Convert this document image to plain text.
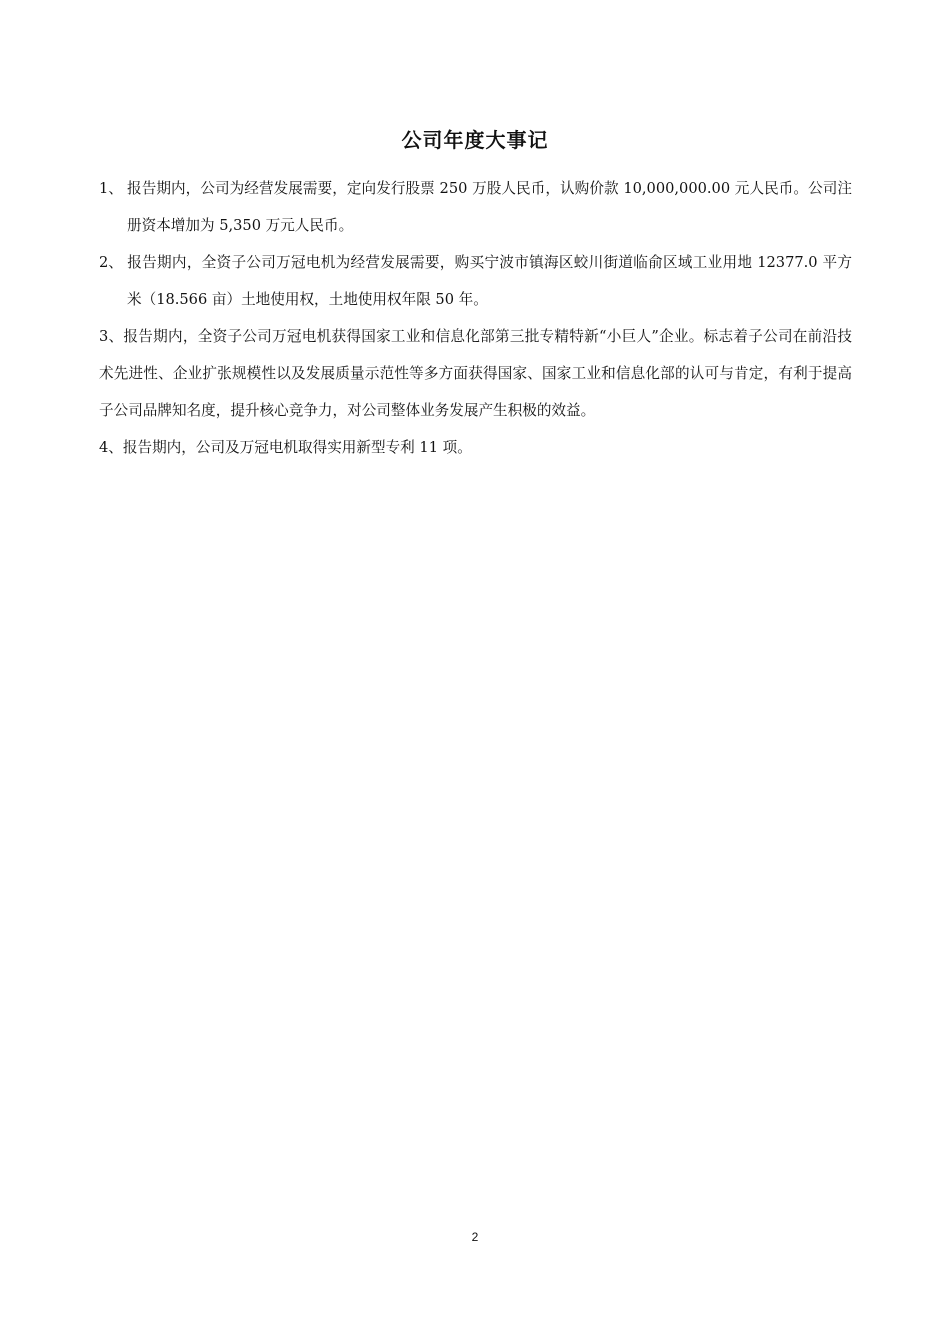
公司年度大事记
1、 报告期内，公司为经营发展需要，定向发行股票 250 万股人民币，认购价款 10,000,000.00 元人民币。公司注册资本增加为 5,350 万元人民币。
2、 报告期内，全资子公司万冠电机为经营发展需要，购买宁波市镇海区蛟川街道临俞区域工业用地 12377.0 平方米（18.566 亩）土地使用权，土地使用权年限 50 年。
3、报告期内，全资子公司万冠电机获得国家工业和信息化部第三批专精特新“小巨人”企业。标志着子公司在前沿技术先进性、企业扩张规模性以及发展质量示范性等多方面获得国家、国家工业和信息化部的认可与肯定，有利于提高子公司品牌知名度，提升核心竞争力，对公司整体业务发展产生积极的效益。
4、报告期内，公司及万冠电机取得实用新型专利 11 项。
2
